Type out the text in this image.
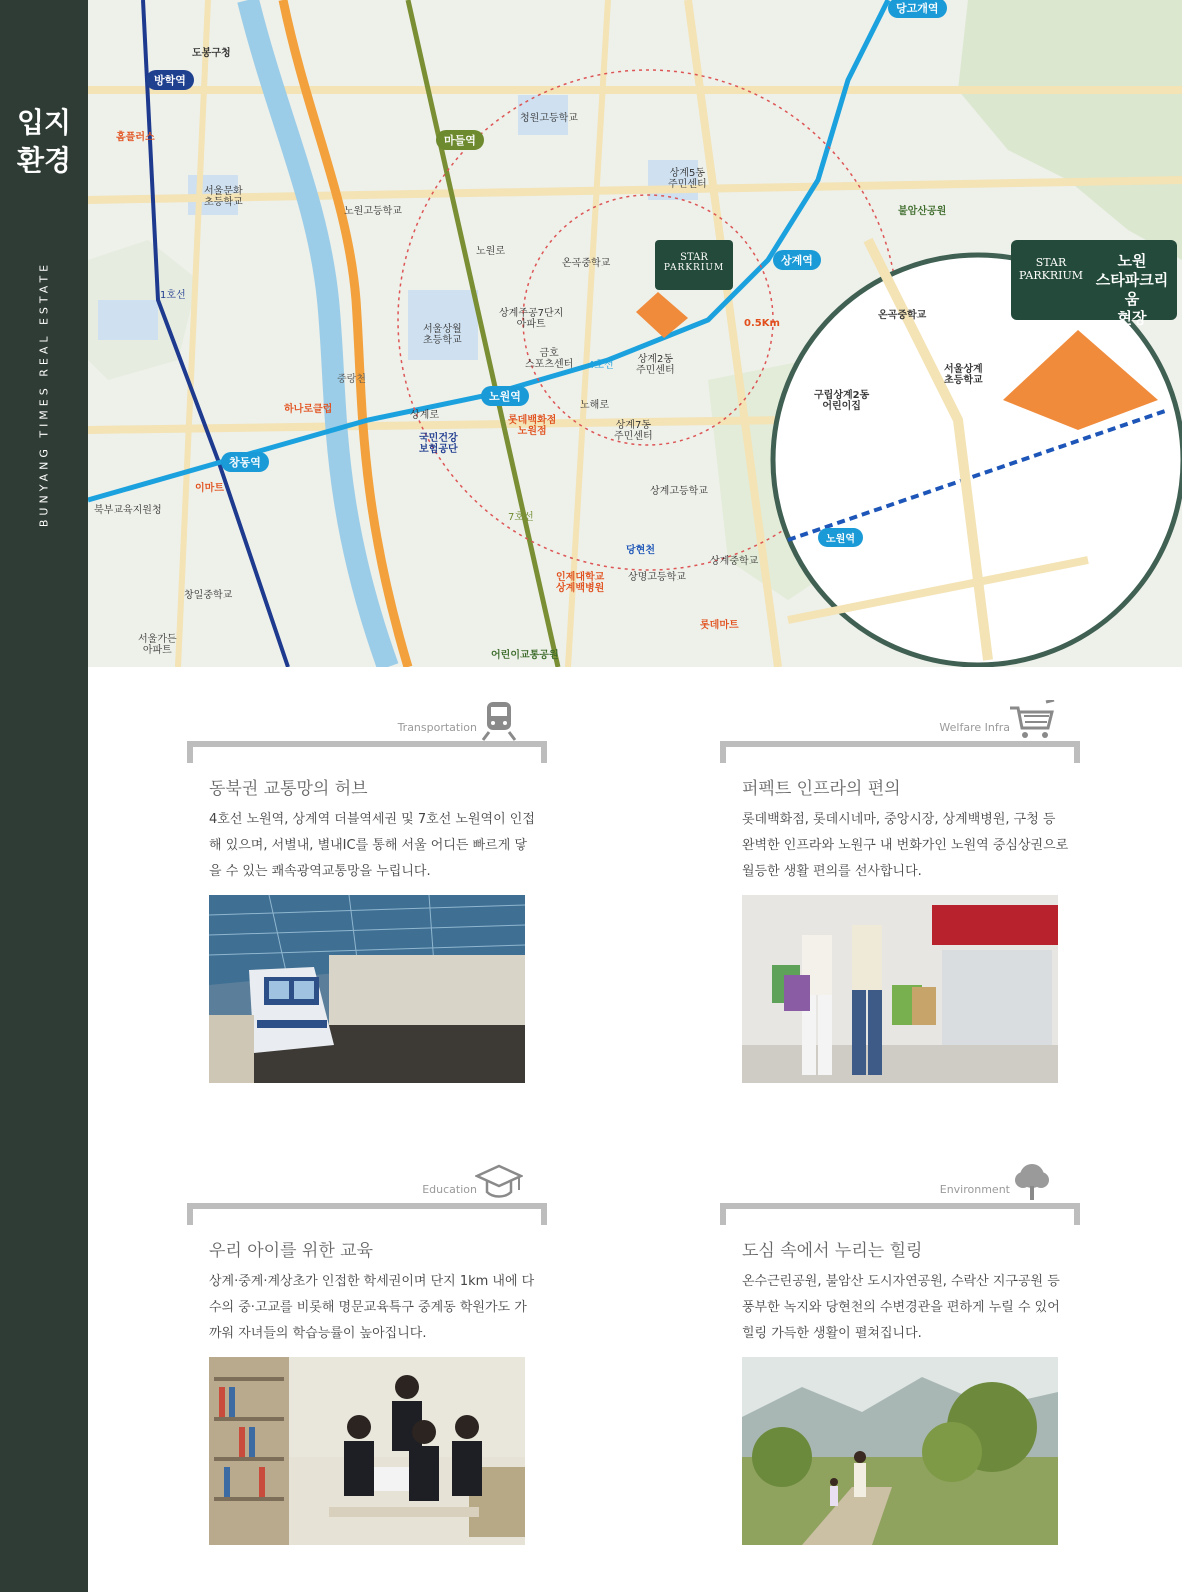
입지
환경
BUNYANG TIMES REAL ESTATE	노원역
상계역
창동역
마들역
방학역
당고개역
STAR
PARKRIUM	STAR
PARKRIUM
노원
스타파크리움
현장
0.5Km
도봉구청
홈플러스
하나로클럽
이마트
롯데백화점
노원점
국민건강
보험공단
인제대학교
상계백병원
롯데마트
어린이교통공원
불암산공원
당현천
중랑천
노원로
상계로
노해로
4호선
7호선
1호선
서울문화
초등학교
상계5동
주민센터
상계2동
주민센터
상계7동
주민센터
상계주공7단지
아파트
온곡중학교
청원고등학교
노원고등학교
상계고등학교
상명고등학교
상계중학교
창일중학교
금호
스포츠센터
서울상월
초등학교
서울가든
아파트
북부교육지원청
온곡중학교
서울상계
초등학교
구립상계2동
어린이집
노원역
Transportation
동북권 교통망의 허브
4호선 노원역, 상계역 더블역세권 및 7호선 노원역이 인접해 있으며, 서별내, 별내IC를 통해 서울 어디든 빠르게 닿을 수 있는 쾌속광역교통망을 누립니다.
Welfare Infra
퍼펙트 인프라의 편의
롯데백화점, 롯데시네마, 중앙시장, 상계백병원, 구청 등 완벽한 인프라와 노원구 내 번화가인 노원역 중심상권으로 월등한 생활 편의를 선사합니다.
Education
우리 아이를 위한 교육
상계·중계·계상초가 인접한 학세권이며 단지 1km 내에 다수의 중·고교를 비롯해 명문교육특구 중계동 학원가도 가까워 자녀들의 학습능률이 높아집니다.
Environment
도심 속에서 누리는 힐링
온수근린공원, 불암산 도시자연공원, 수락산 지구공원 등 풍부한 녹지와 당현천의 수변경관을 편하게 누릴 수 있어 힐링 가득한 생활이 펼쳐집니다.
